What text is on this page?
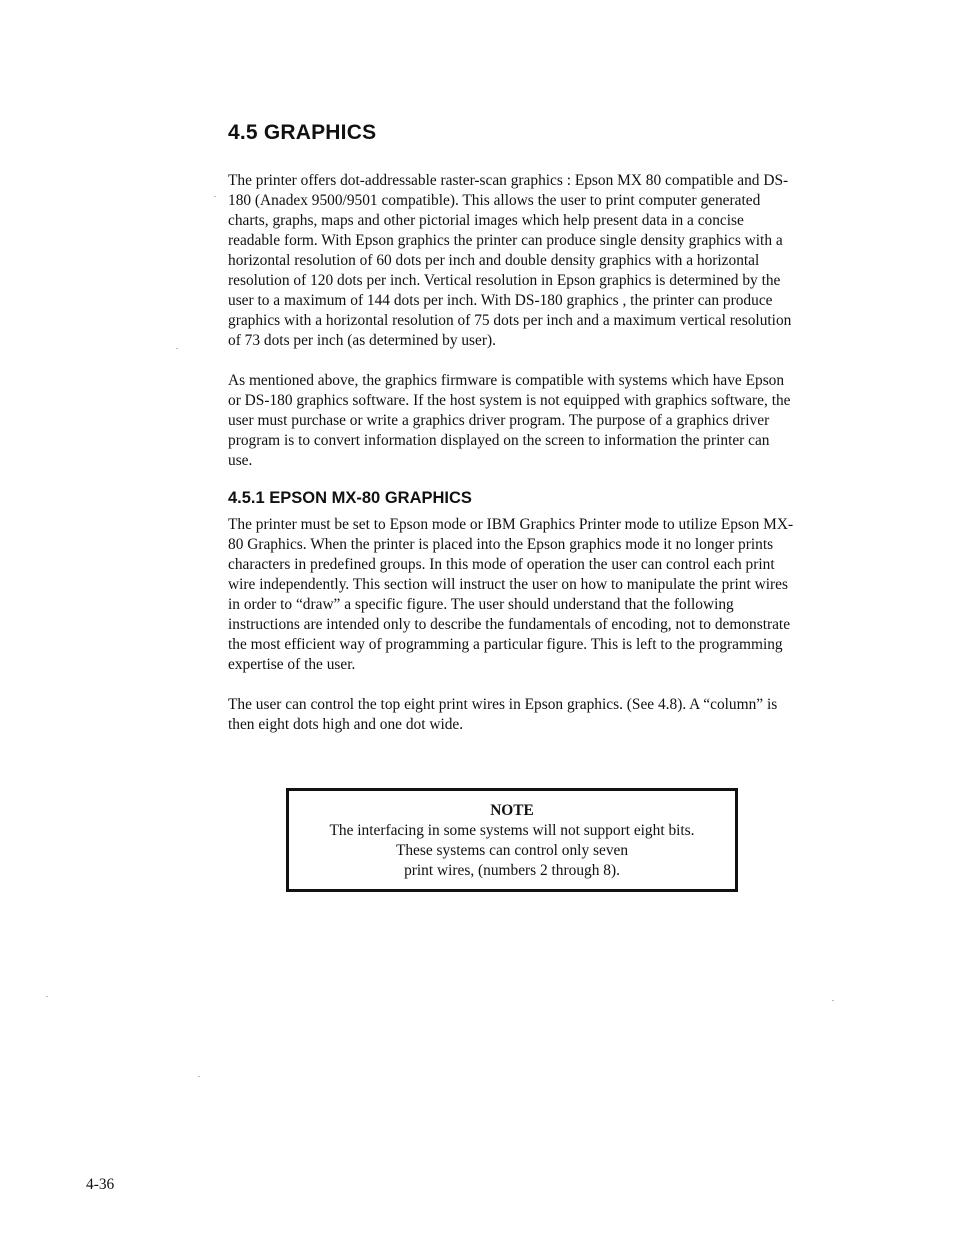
4.5 GRAPHICS

The printer offers dot-addressable raster-scan graphics : Epson MX 80 compatible and DS-180 (Anadex 9500/9501 compatible). This allows the user to print computer generated charts, graphs, maps and other pictorial images which help present data in a concise readable form. With Epson graphics the printer can produce single density graphics with a horizontal resolution of 60 dots per inch and double density graphics with a horizontal resolution of 120 dots per inch. Vertical resolution in Epson graphics is determined by the user to a maximum of 144 dots per inch. With DS-180 graphics , the printer can produce graphics with a horizontal resolution of 75 dots per inch and a maximum vertical resolution of 73 dots per inch (as determined by user).

As mentioned above, the graphics firmware is compatible with systems which have Epson or DS-180 graphics software. If the host system is not equipped with graphics software, the user must purchase or write a graphics driver program. The purpose of a graphics driver program is to convert information displayed on the screen to information the printer can use.

4.5.1 EPSON MX-80 GRAPHICS

The printer must be set to Epson mode or IBM Graphics Printer mode to utilize Epson MX-80 Graphics. When the printer is placed into the Epson graphics mode it no longer prints characters in predefined groups. In this mode of operation the user can control each print wire independently. This section will instruct the user on how to manipulate the print wires in order to “draw” a specific figure. The user should understand that the following instructions are intended only to describe the fundamentals of encoding, not to demonstrate the most efficient way of programming a particular figure. This is left to the programming expertise of the user.

The user can control the top eight print wires in Epson graphics. (See 4.8). A “column” is then eight dots high and one dot wide.

NOTE
The interfacing in some systems will not support eight bits.
These systems can control only seven
print wires, (numbers 2 through 8).
4-36
